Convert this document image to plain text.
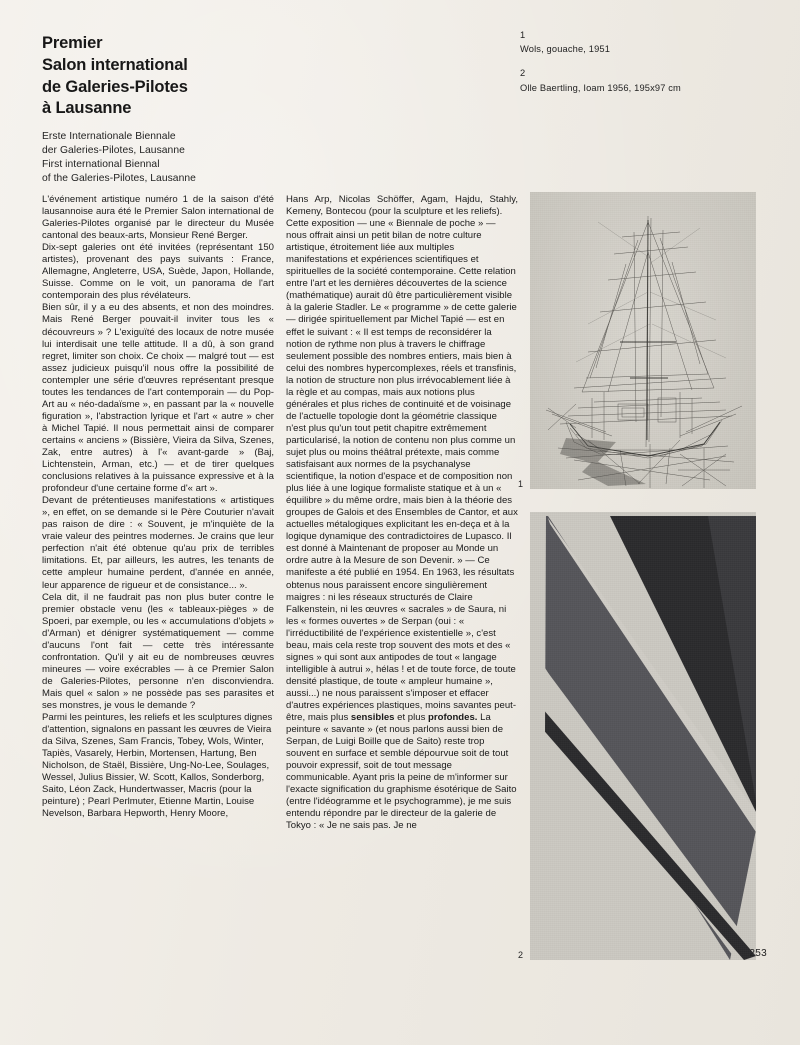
Premier
Salon international
de Galeries-Pilotes
à Lausanne
Erste Internationale Biennale
der Galeries-Pilotes, Lausanne
First international Biennal
of the Galeries-Pilotes, Lausanne
1
Wols, gouache, 1951
2
Olle Baertling, Ioam 1956, 195x97 cm

L'événement artistique numéro 1 de la saison d'été lausannoise aura été le Premier Salon international de Galeries-Pilotes organisé par le directeur du Musée cantonal des beaux-arts, Monsieur René Berger.

Dix-sept galeries ont été invitées (représentant 150 artistes), provenant des pays suivants : France, Allemagne, Angleterre, USA, Suède, Japon, Hollande, Suisse. Comme on le voit, un panorama de l'art contemporain des plus révélateurs.

Bien sûr, il y a eu des absents, et non des moindres. Mais René Berger pouvait-il inviter tous les « découvreurs » ? L'exiguïté des locaux de notre musée lui interdisait une telle attitude. Il a dû, à son grand regret, limiter son choix. Ce choix — malgré tout — est assez judicieux puisqu'il nous offre la possibilité de contempler une série d'œuvres représentant presque toutes les tendances de l'art contemporain — du Pop-Art au « néo-dadaïsme », en passant par la « nouvelle figuration », l'abstraction lyrique et l'art « autre » cher à Michel Tapié. Il nous permettait ainsi de comparer certains « anciens » (Bissière, Vieira da Silva, Szenes, Zak, entre autres) à l'« avant-garde » (Baj, Lichtenstein, Arman, etc.) — et de tirer quelques conclusions relatives à la puissance expressive et à la profondeur d'une certaine forme d'« art ».

Devant de prétentieuses manifestations « artistiques », en effet, on se demande si le Père Couturier n'avait pas raison de dire : « Souvent, je m'inquiète de la vraie valeur des peintres modernes. Je crains que leur perfection n'ait été obtenue qu'au prix de terribles limitations. Et, par ailleurs, les autres, les tenants de cette ampleur humaine perdent, d'année en année, leur apparence de rigueur et de consistance... ».

Cela dit, il ne faudrait pas non plus buter contre le premier obstacle venu (les « tableaux-pièges » de Spoeri, par exemple, ou les « accumulations d'objets » d'Arman) et dénigrer systématiquement — comme d'aucuns l'ont fait — cette très intéressante confrontation. Qu'il y ait eu de nombreuses œuvres mineures — voire exécrables — à ce Premier Salon de Galeries-Pilotes, personne n'en disconviendra. Mais quel « salon » ne possède pas ses parasites et ses monstres, je vous le demande ?

Parmi les peintures, les reliefs et les sculptures dignes d'attention, signalons en passant les œuvres de Vieira da Silva, Szenes, Sam Francis, Tobey, Wols, Winter, Tapiès, Vasarely, Herbin, Mortensen, Hartung, Ben Nicholson, de Staël, Bissière, Ung-No-Lee, Soulages, Wessel, Julius Bissier, W. Scott, Kallos, Sonderborg, Saito, Léon Zack, Hundertwasser, Macris (pour la peinture) ; Pearl Perlmuter, Etienne Martin, Louise Nevelson, Barbara Hepworth, Henry Moore,

Hans Arp, Nicolas Schöffer, Agam, Hajdu, Stahly, Kemeny, Bontecou (pour la sculpture et les reliefs).

Cette exposition — une « Biennale de poche » — nous offrait ainsi un petit bilan de notre culture artistique, étroitement liée aux multiples manifestations et expériences scientifiques et spirituelles de la société contemporaine. Cette relation entre l'art et les dernières découvertes de la science (mathématique) aurait dû être particulièrement visible à la galerie Stadler. Le « programme » de cette galerie — dirigée spirituellement par Michel Tapié — est en effet le suivant : « Il est temps de reconsidérer la notion de rythme non plus à travers le chiffrage seulement possible des nombres entiers, mais bien à celui des nombres hypercomplexes, réels et transfinis, la notion de structure non plus irrévocablement liée à la règle et au compas, mais aux notions plus générales et plus riches de continuité et de voisinage de l'actuelle topologie dont la géométrie classique n'est plus qu'un tout petit chapitre extrêmement particularisé, la notion de contenu non plus comme un sujet plus ou moins théâtral prétexte, mais comme satisfaisant aux normes de la psychanalyse scientifique, la notion d'espace et de composition non plus liée à une logique formaliste statique et à un « équilibre » du même ordre, mais bien à la théorie des groupes de Galois et des Ensembles de Cantor, et aux actuelles métalogiques explicitant les en-deça et à la logique dynamique des contradictoires de Lupasco. Il est donné à Maintenant de proposer au Monde un ordre autre à la Mesure de son Devenir. » — Ce manifeste a été publié en 1954. En 1963, les résultats obtenus nous paraissent encore singulièrement maigres : ni les réseaux structurés de Claire Falkenstein, ni les œuvres « sacrales » de Saura, ni les « formes ouvertes » de Serpan (oui : « l'irréductibilité de l'expérience existentielle », c'est beau, mais cela reste trop souvent des mots et des « signes » qui sont aux antipodes de tout « langage intelligible à autrui », hélas ! et de toute force, de toute densité plastique, de toute « ampleur humaine », aussi...) ne nous paraissent s'imposer et effacer d'autres expériences plastiques, moins savantes peut-être, mais plus sensibles et plus profondes. La peinture « savante » (et nous parlons aussi bien de Serpan, de Luigi Boille que de Saito) reste trop souvent en surface et semble dépourvue soit de tout pouvoir expressif, soit de tout message communicable. Ayant pris la peine de m'informer sur l'exacte signification du graphisme ésotérique de Saito (entre l'idéogramme et le psychogramme), je me suis entendu répondre par le directeur de la galerie de Tokyo : « Je ne sais pas. Je ne

1
2	253
